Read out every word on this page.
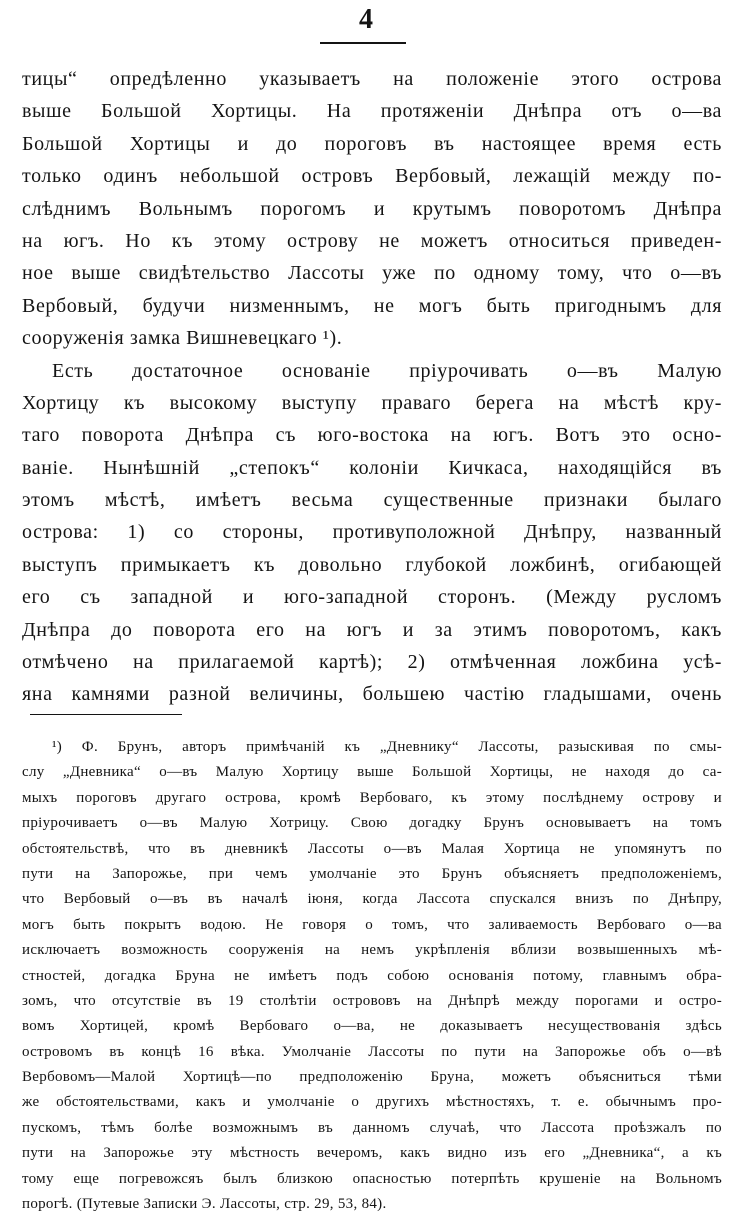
4
тицы“ опредѣленно указываетъ на положеніе этого острова
выше Большой Хортицы. На протяженіи Днѣпра отъ о—ва
Большой Хортицы и до пороговъ въ настоящее время есть
только одинъ небольшой островъ Вербовый, лежащій между по-
слѣднимъ Вольнымъ порогомъ и крутымъ поворотомъ Днѣпра
на югъ. Но къ этому острову не можетъ относиться приведен-
ное выше свидѣтельство Лассоты уже по одному тому, что о—въ
Вербовый, будучи низменнымъ, не могъ быть пригоднымъ для
сооруженія замка Вишневецкаго ¹).
Есть достаточное основаніе пріурочивать о—въ Малую
Хортицу къ высокому выступу праваго берега на мѣстѣ кру-
таго поворота Днѣпра съ юго-востока на югъ. Вотъ это осно-
ваніе. Нынѣшній „степокъ“ колоніи Кичкаса, находящійся въ
этомъ мѣстѣ, имѣетъ весьма существенные признаки былаго
острова: 1) со стороны, противуположной Днѣпру, названный
выступъ примыкаетъ къ довольно глубокой ложбинѣ, огибающей
его съ западной и юго-западной сторонъ. (Между русломъ
Днѣпра до поворота его на югъ и за этимъ поворотомъ, какъ
отмѣчено на прилагаемой картѣ); 2) отмѣченная ложбина усѣ-
яна камнями разной величины, большею частію гладышами, очень
¹) Ф. Брунъ, авторъ примѣчаній къ „Дневнику“ Лассоты, разыскивая по смы-
слу „Дневника“ о—въ Малую Хортицу выше Большой Хортицы, не находя до са-
мыхъ пороговъ другаго острова, кромѣ Вербоваго, къ этому послѣднему острову и
пріурочиваетъ о—въ Малую Хотрицу. Свою догадку Брунъ основываетъ на томъ
обстоятельствѣ, что въ дневникѣ Лассоты о—въ Малая Хортица не упомянутъ по
пути на Запорожье, при чемъ умолчаніе это Брунъ объясняетъ предположеніемъ,
что Вербовый о—въ въ началѣ іюня, когда Лассота спускался внизъ по Днѣпру,
могъ быть покрытъ водою. Не говоря о томъ, что заливаемость Вербоваго о—ва
исключаетъ возможность сооруженія на немъ укрѣпленія вблизи возвышенныхъ мѣ-
стностей, догадка Бруна не имѣетъ подъ собою основанія потому, главнымъ обра-
зомъ, что отсутствіе въ 19 столѣтіи острововъ на Днѣпрѣ между порогами и остро-
вомъ Хортицей, кромѣ Вербоваго о—ва, не доказываетъ несуществованія здѣсь
островомъ въ концѣ 16 вѣка. Умолчаніе Лассоты по пути на Запорожье объ о—вѣ
Вербовомъ—Малой Хортицѣ—по предположенію Бруна, можетъ объясниться тѣми
же обстоятельствами, какъ и умолчаніе о другихъ мѣстностяхъ, т. е. обычнымъ про-
пускомъ, тѣмъ болѣе возможнымъ въ данномъ случаѣ, что Лассота проѣзжалъ по
пути на Запорожье эту мѣстность вечеромъ, какъ видно изъ его „Дневника“, а къ
тому еще погревожсяъ былъ близкою опасностью потерпѣть крушеніе на Вольномъ
порогѣ. (Путевые Записки Э. Лассоты, стр. 29, 53, 84).
